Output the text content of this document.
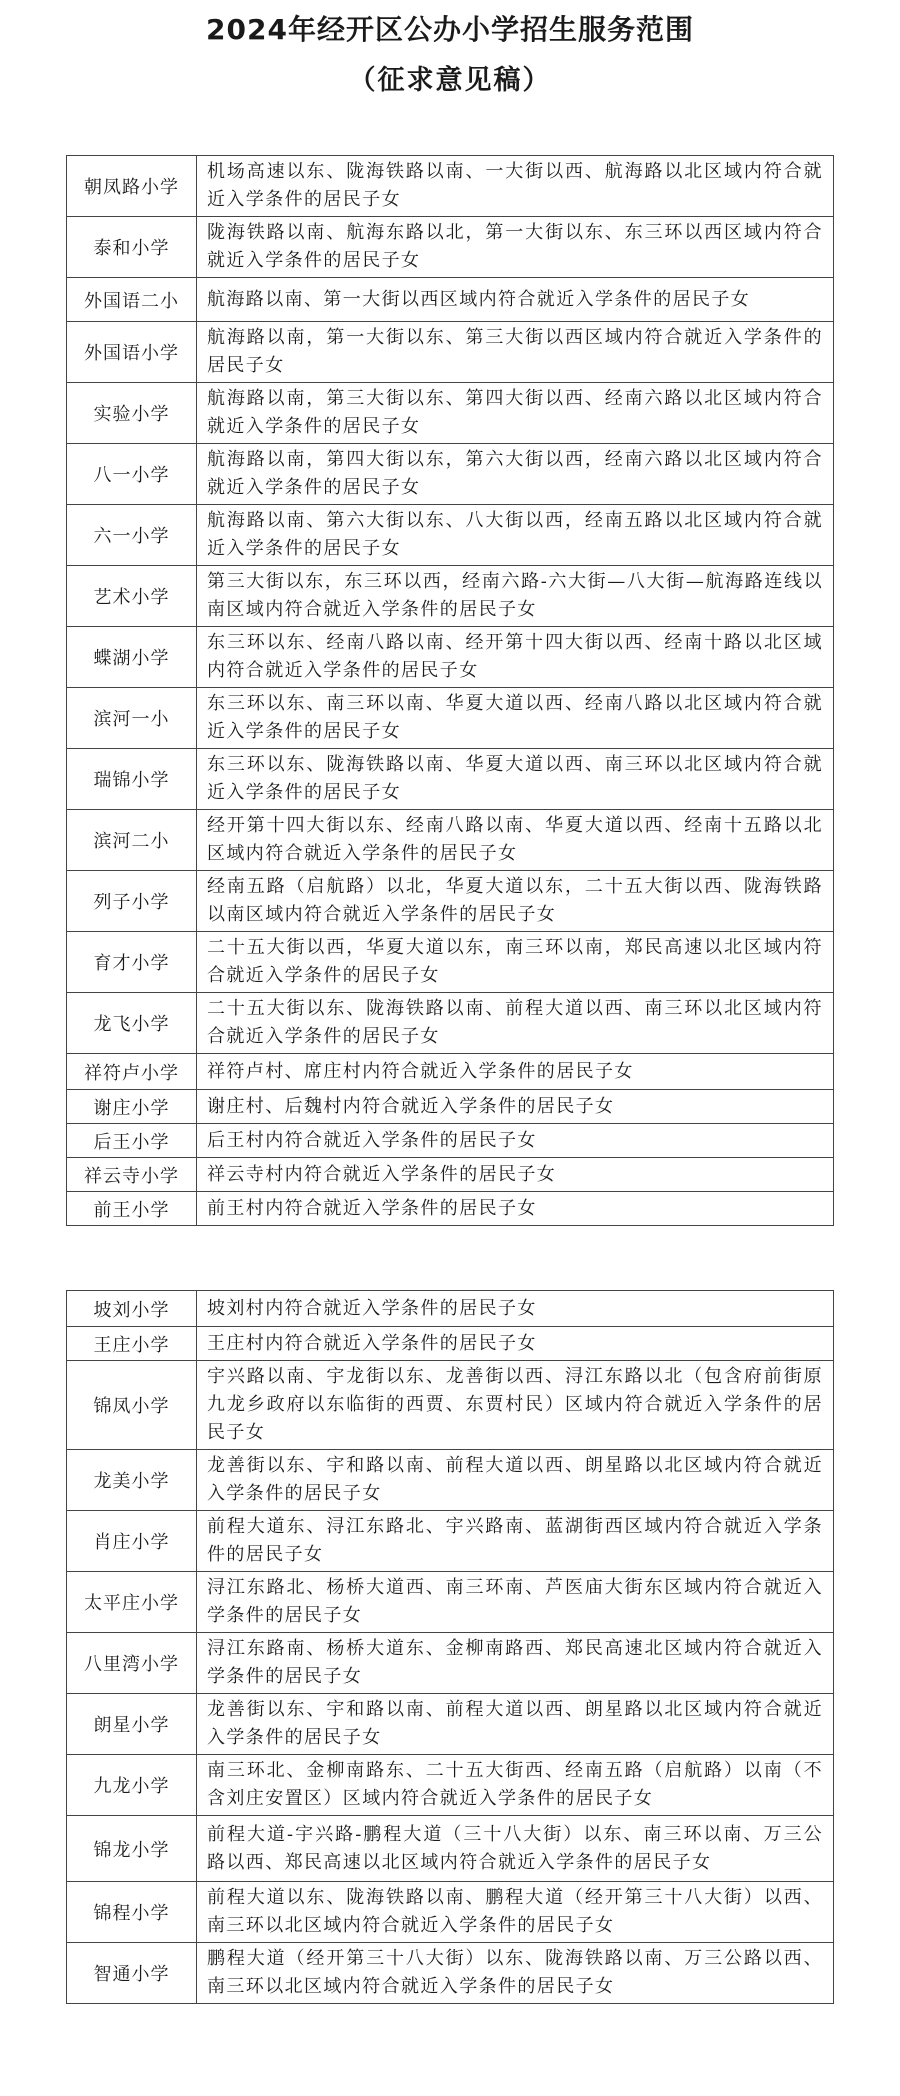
2024年经开区公办小学招生服务范围
（征求意见稿）
朝凤路小学	机场高速以东、陇海铁路以南、一大街以西、航海路以北区域内符合就近入学条件的居民子女
泰和小学	陇海铁路以南、航海东路以北，第一大街以东、东三环以西区域内符合就近入学条件的居民子女
外国语二小	航海路以南、第一大街以西区域内符合就近入学条件的居民子女
外国语小学	航海路以南，第一大街以东、第三大街以西区域内符合就近入学条件的居民子女
实验小学	航海路以南，第三大街以东、第四大街以西、经南六路以北区域内符合就近入学条件的居民子女
八一小学	航海路以南，第四大街以东，第六大街以西，经南六路以北区域内符合就近入学条件的居民子女
六一小学	航海路以南、第六大街以东、八大街以西，经南五路以北区域内符合就近入学条件的居民子女
艺术小学	第三大街以东，东三环以西，经南六路-六大街—八大街—航海路连线以南区域内符合就近入学条件的居民子女
蝶湖小学	东三环以东、经南八路以南、经开第十四大街以西、经南十路以北区域内符合就近入学条件的居民子女
滨河一小	东三环以东、南三环以南、华夏大道以西、经南八路以北区域内符合就近入学条件的居民子女
瑞锦小学	东三环以东、陇海铁路以南、华夏大道以西、南三环以北区域内符合就近入学条件的居民子女
滨河二小	经开第十四大街以东、经南八路以南、华夏大道以西、经南十五路以北区域内符合就近入学条件的居民子女
列子小学	经南五路（启航路）以北，华夏大道以东，二十五大街以西、陇海铁路以南区域内符合就近入学条件的居民子女
育才小学	二十五大街以西，华夏大道以东，南三环以南，郑民高速以北区域内符合就近入学条件的居民子女
龙飞小学	二十五大街以东、陇海铁路以南、前程大道以西、南三环以北区域内符合就近入学条件的居民子女
祥符卢小学	祥符卢村、席庄村内符合就近入学条件的居民子女
谢庄小学	谢庄村、后魏村内符合就近入学条件的居民子女
后王小学	后王村内符合就近入学条件的居民子女
祥云寺小学	祥云寺村内符合就近入学条件的居民子女
前王小学	前王村内符合就近入学条件的居民子女
坡刘小学	坡刘村内符合就近入学条件的居民子女
王庄小学	王庄村内符合就近入学条件的居民子女
锦凤小学	宇兴路以南、宇龙街以东、龙善街以西、浔江东路以北（包含府前街原九龙乡政府以东临街的西贾、东贾村民）区域内符合就近入学条件的居民子女
龙美小学	龙善街以东、宇和路以南、前程大道以西、朗星路以北区域内符合就近入学条件的居民子女
肖庄小学	前程大道东、浔江东路北、宇兴路南、蓝湖街西区域内符合就近入学条件的居民子女
太平庄小学	浔江东路北、杨桥大道西、南三环南、芦医庙大街东区域内符合就近入学条件的居民子女
八里湾小学	浔江东路南、杨桥大道东、金柳南路西、郑民高速北区域内符合就近入学条件的居民子女
朗星小学	龙善街以东、宇和路以南、前程大道以西、朗星路以北区域内符合就近入学条件的居民子女
九龙小学	南三环北、金柳南路东、二十五大街西、经南五路（启航路）以南（不含刘庄安置区）区域内符合就近入学条件的居民子女
锦龙小学	前程大道-宇兴路-鹏程大道（三十八大街）以东、南三环以南、万三公路以西、郑民高速以北区域内符合就近入学条件的居民子女
锦程小学	前程大道以东、陇海铁路以南、鹏程大道（经开第三十八大街）以西、南三环以北区域内符合就近入学条件的居民子女
智通小学	鹏程大道（经开第三十八大街）以东、陇海铁路以南、万三公路以西、南三环以北区域内符合就近入学条件的居民子女
